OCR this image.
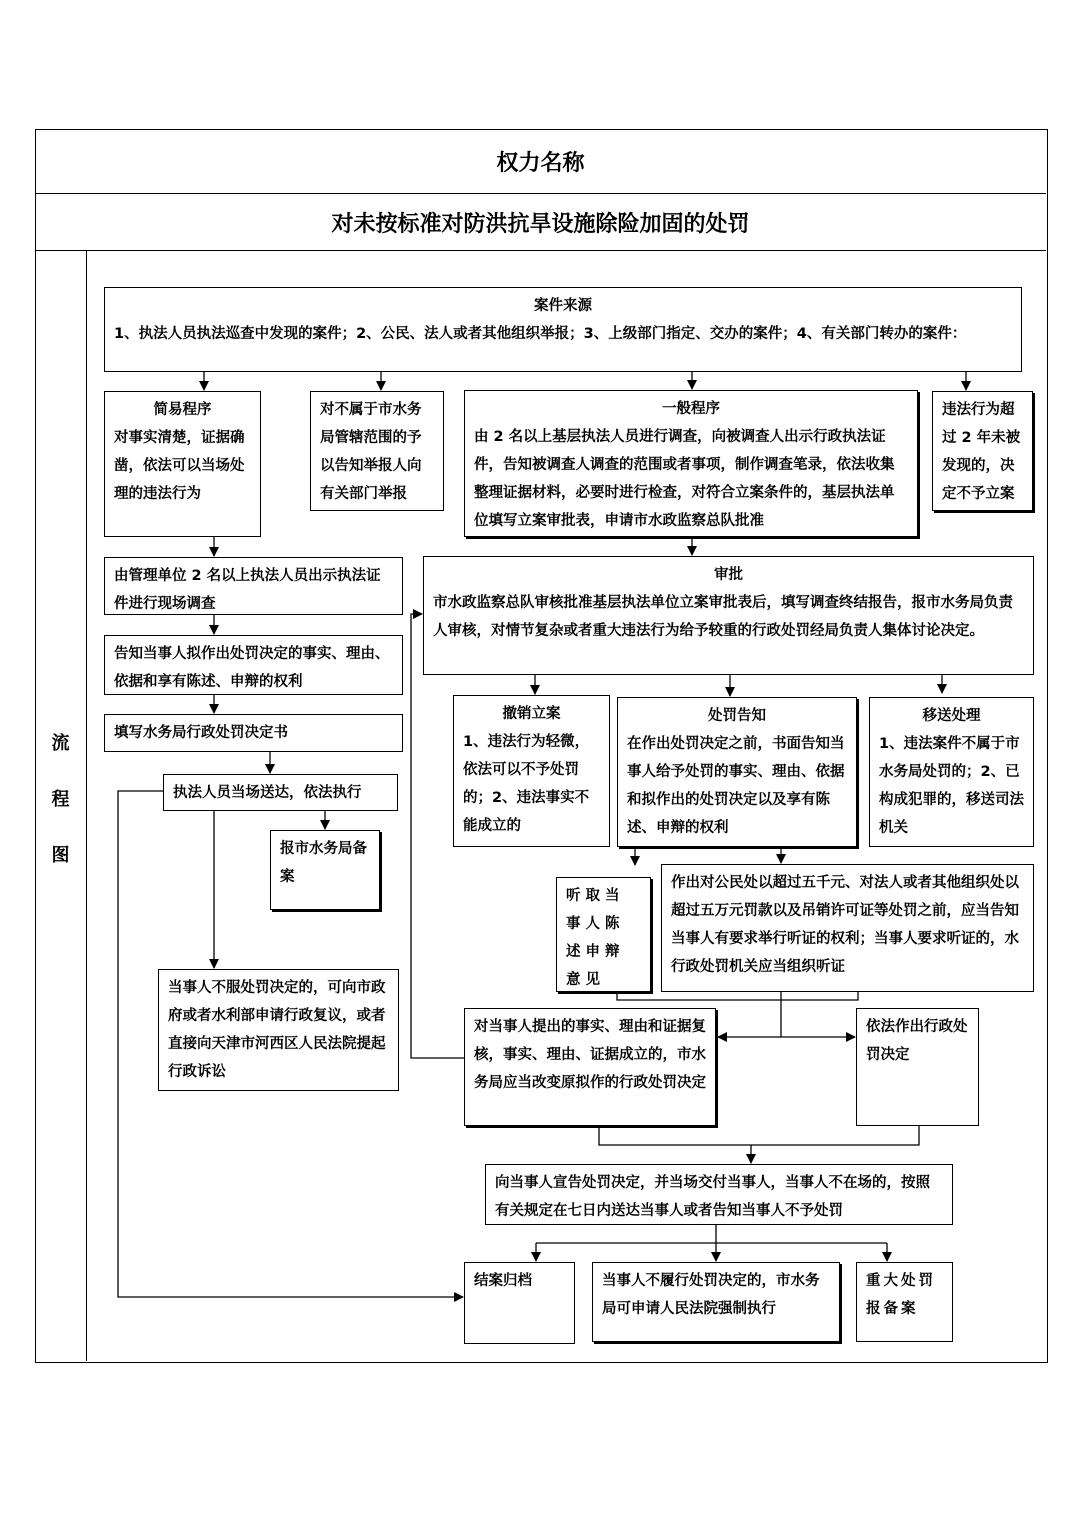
权力名称
对未按标准对防洪抗旱设施除险加固的处罚
流
程
图
案件来源
1、执法人员执法巡查中发现的案件；2、公民、法人或者其他组织举报；3、上级部门指定、交办的案件；4、有关部门转办的案件：
简易程序
对事实清楚，证据确凿，依法可以当场处理的违法行为
对不属于市水务局管辖范围的予以告知举报人向有关部门举报
一般程序
由 2 名以上基层执法人员进行调查，向被调查人出示行政执法证件，告知被调查人调查的范围或者事项，制作调查笔录，依法收集整理证据材料，必要时进行检查，对符合立案条件的，基层执法单位填写立案审批表，申请市水政监察总队批准
违法行为超过 2 年未被发现的，决定不予立案
由管理单位 2 名以上执法人员出示执法证件进行现场调查
审批
市水政监察总队审核批准基层执法单位立案审批表后，填写调查终结报告，报市水务局负责人审核，对情节复杂或者重大违法行为给予较重的行政处罚经局负责人集体讨论决定。
告知当事人拟作出处罚决定的事实、理由、依据和享有陈述、申辩的权利
填写水务局行政处罚决定书
撤销立案
1、违法行为轻微，依法可以不予处罚的；2、违法事实不能成立的
处罚告知
在作出处罚决定之前，书面告知当事人给予处罚的事实、理由、依据和拟作出的处罚决定以及享有陈述、申辩的权利
移送处理
1、违法案件不属于市水务局处罚的；2、已构成犯罪的，移送司法机关
执法人员当场送达，依法执行
报市水务局备案
听取当事人陈述申辩意见
作出对公民处以超过五千元、对法人或者其他组织处以超过五万元罚款以及吊销许可证等处罚之前，应当告知当事人有要求举行听证的权利；当事人要求听证的，水行政处罚机关应当组织听证
当事人不服处罚决定的，可向市政府或者水利部申请行政复议，或者直接向天津市河西区人民法院提起行政诉讼
对当事人提出的事实、理由和证据复核，事实、理由、证据成立的，市水务局应当改变原拟作的行政处罚决定
依法作出行政处罚决定
向当事人宣告处罚决定，并当场交付当事人，当事人不在场的，按照有关规定在七日内送达当事人或者告知当事人不予处罚
结案归档	当事人不履行处罚决定的，市水务局可申请人民法院强制执行
重大处罚报备案
